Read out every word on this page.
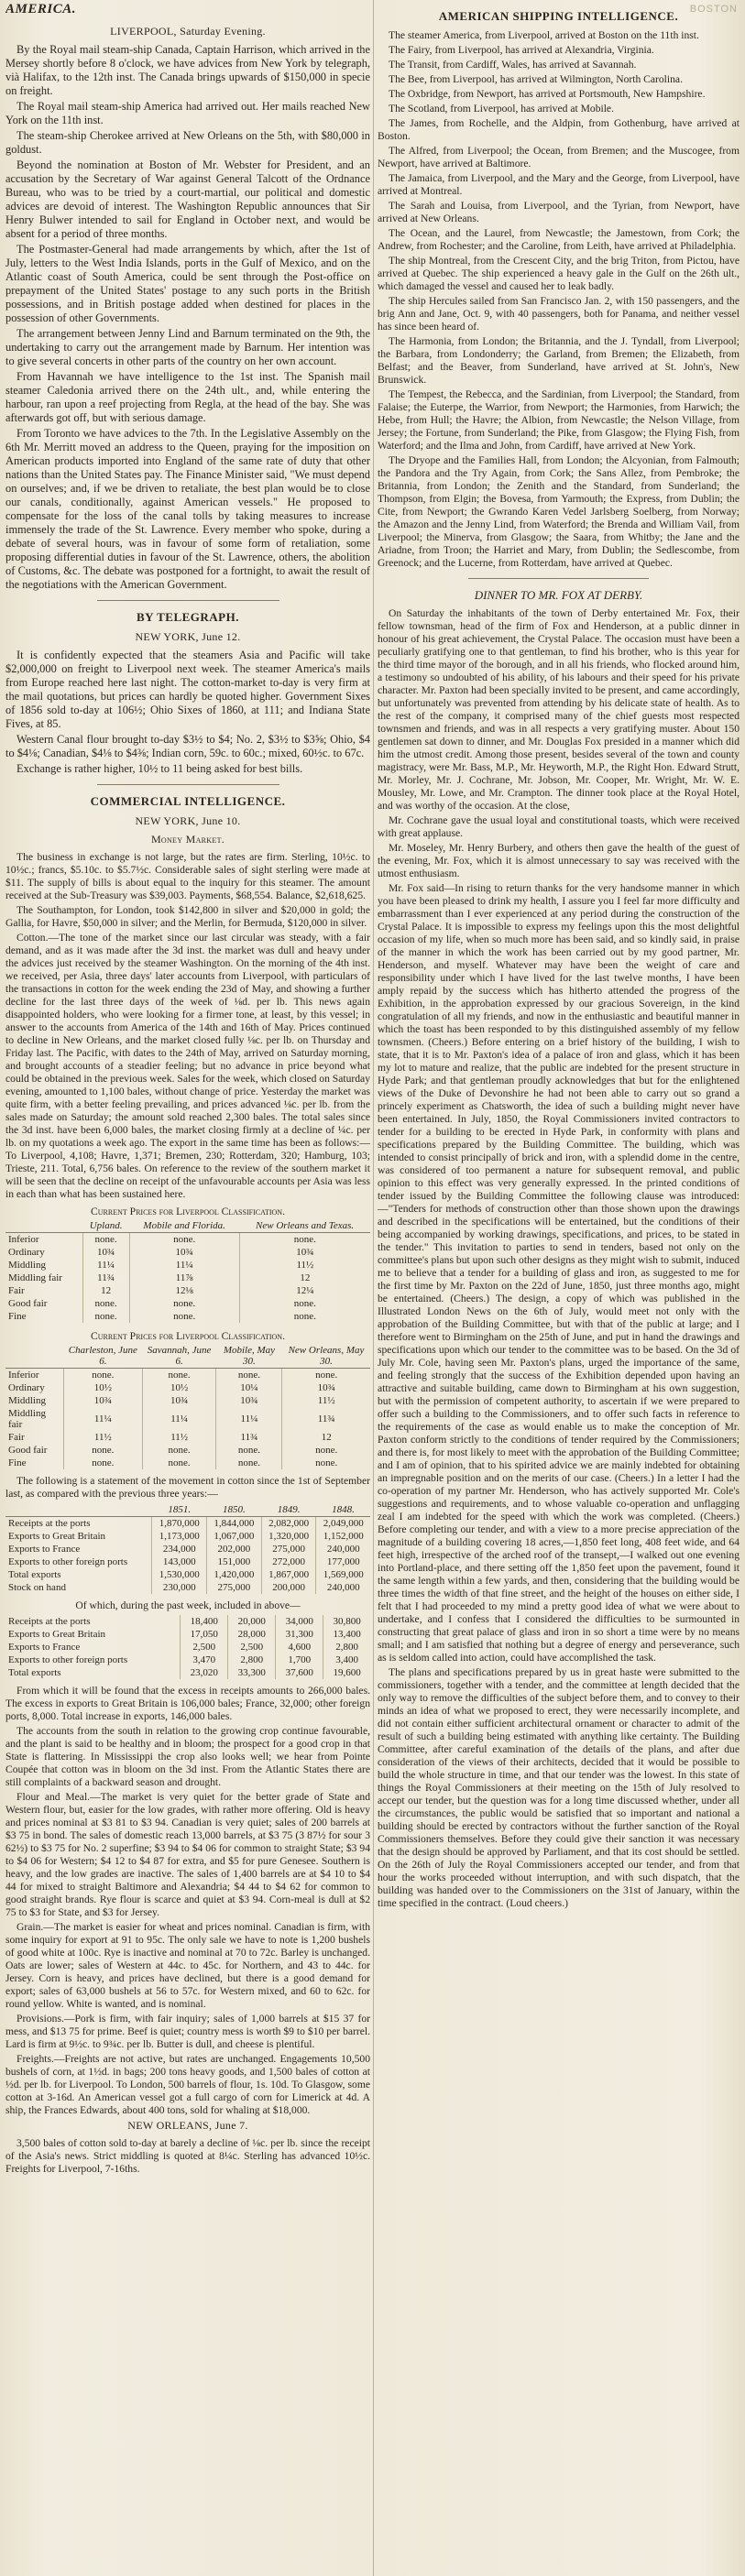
BOSTON
AMERICA.
LIVERPOOL, Saturday Evening.

By the Royal mail steam-ship Canada, Captain Harrison, which arrived in the Mersey shortly before 8 o'clock, we have advices from New York by telegraph, vià Halifax, to the 12th inst. The Canada brings upwards of $150,000 in specie on freight.

The Royal mail steam-ship America had arrived out. Her mails reached New York on the 11th inst.

The steam-ship Cherokee arrived at New Orleans on the 5th, with $80,000 in goldust.

Beyond the nomination at Boston of Mr. Webster for President, and an accusation by the Secretary of War against General Talcott of the Ordnance Bureau, who was to be tried by a court-martial, our political and domestic advices are devoid of interest. The Washington Republic announces that Sir Henry Bulwer intended to sail for England in October next, and would be absent for a period of three months.

The Postmaster-General had made arrangements by which, after the 1st of July, letters to the West India Islands, ports in the Gulf of Mexico, and on the Atlantic coast of South America, could be sent through the Post-office on prepayment of the United States' postage to any such ports in the British possessions, and in British postage added when destined for places in the possession of other Governments.

The arrangement between Jenny Lind and Barnum terminated on the 9th, the undertaking to carry out the arrangement made by Barnum. Her intention was to give several concerts in other parts of the country on her own account.

From Havannah we have intelligence to the 1st inst. The Spanish mail steamer Caledonia arrived there on the 24th ult., and, while entering the harbour, ran upon a reef projecting from Regla, at the head of the bay. She was afterwards got off, but with serious damage.

From Toronto we have advices to the 7th. In the Legislative Assembly on the 6th Mr. Merritt moved an address to the Queen, praying for the imposition on American products imported into England of the same rate of duty that other nations than the United States pay. The Finance Minister said, "We must depend on ourselves; and, if we be driven to retaliate, the best plan would be to close our canals, conditionally, against American vessels." He proposed to compensate for the loss of the canal tolls by taking measures to increase immensely the trade of the St. Lawrence. Every member who spoke, during a debate of several hours, was in favour of some form of retaliation, some proposing differential duties in favour of the St. Lawrence, others, the abolition of Customs, &c. The debate was postponed for a fortnight, to await the result of the negotiations with the American Government.

BY TELEGRAPH.
NEW YORK, June 12.

It is confidently expected that the steamers Asia and Pacific will take $2,000,000 on freight to Liverpool next week. The steamer America's mails from Europe reached here last night. The cotton-market to-day is very firm at the mail quotations, but prices can hardly be quoted higher. Government Sixes of 1856 sold to-day at 106½; Ohio Sixes of 1860, at 111; and Indiana State Fives, at 85.

Western Canal flour brought to-day $3½ to $4; No. 2, $3½ to $3⅝; Ohio, $4 to $4⅛; Canadian, $4⅛ to $4⅜; Indian corn, 59c. to 60c.; mixed, 60½c. to 67c.

Exchange is rather higher, 10½ to 11 being asked for best bills.

COMMERCIAL INTELLIGENCE.
NEW YORK, June 10.
Money Market.

The business in exchange is not large, but the rates are firm. Sterling, 10½c. to 10½c.; francs, $5.10c. to $5.7½c. Considerable sales of sight sterling were made at $11. The supply of bills is about equal to the inquiry for this steamer. The amount received at the Sub-Treasury was $39,003. Payments, $68,554. Balance, $2,618,625.

The Southampton, for London, took $142,800 in silver and $20,000 in gold; the Gallia, for Havre, $50,000 in silver; and the Merlin, for Bermuda, $120,000 in silver.

Cotton.—The tone of the market since our last circular was steady, with a fair demand, and as it was made after the 3d inst. the market was dull and heavy under the advices just received by the steamer Washington. On the morning of the 4th inst. we received, per Asia, three days' later accounts from Liverpool, with particulars of the transactions in cotton for the week ending the 23d of May, and showing a further decline for the last three days of the week of ⅛d. per lb. This news again disappointed holders, who were looking for a firmer tone, at least, by this vessel; in answer to the accounts from America of the 14th and 16th of May. Prices continued to decline in New Orleans, and the market closed fully ⅛c. per lb. on Thursday and Friday last. The Pacific, with dates to the 24th of May, arrived on Saturday morning, and brought accounts of a steadier feeling; but no advance in price beyond what could be obtained in the previous week. Sales for the week, which closed on Saturday evening, amounted to 1,100 bales, without change of price. Yesterday the market was quite firm, with a better feeling prevailing, and prices advanced ⅛c. per lb. from the sales made on Saturday; the amount sold reached 2,300 bales. The total sales since the 3d inst. have been 6,000 bales, the market closing firmly at a decline of ¼c. per lb. on my quotations a week ago. The export in the same time has been as follows:—To Liverpool, 4,108; Havre, 1,371; Bremen, 230; Rotterdam, 320; Hamburg, 103; Trieste, 211. Total, 6,756 bales. On reference to the review of the southern market it will be seen that the decline on receipt of the unfavourable accounts per Asia was less in each than what has been sustained here.

Current Prices for Liverpool Classification.
	Upland.	Mobile and Florida.	New Orleans and Texas.
Inferior	none.	none.	none.
Ordinary	10¾	10¾	10¾
Middling	11¼	11¼	11½
Middling fair	11¾	11⅞	12
Fair	12	12⅛	12¼
Good fair	none.	none.	none.
Fine	none.	none.	none.
Current Prices for Liverpool Classification.
	Charleston, June 6.	Savannah, June 6.	Mobile, May 30.	New Orleans, May 30.
Inferior	none.	none.	none.	none.
Ordinary	10½	10½	10¼	10¾
Middling	10¾	10¾	10¾	11½
Middling fair	11¼	11¼	11¼	11¾
Fair	11½	11½	11¾	12
Good fair	none.	none.	none.	none.
Fine	none.	none.	none.	none.

The following is a statement of the movement in cotton since the 1st of September last, as compared with the previous three years:—

	1851.	1850.	1849.	1848.
Receipts at the ports	1,870,000	1,844,000	2,082,000	2,049,000
Exports to Great Britain	1,173,000	1,067,000	1,320,000	1,152,000
Exports to France	234,000	202,000	275,000	240,000
Exports to other foreign ports	143,000	151,000	272,000	177,000
Total exports	1,530,000	1,420,000	1,867,000	1,569,000
Stock on hand	230,000	275,000	200,000	240,000

Of which, during the past week, included in above—

Receipts at the ports	18,400	20,000	34,000	30,800
Exports to Great Britain	17,050	28,000	31,300	13,400
Exports to France	2,500	2,500	4,600	2,800
Exports to other foreign ports	3,470	2,800	1,700	3,400
Total exports	23,020	33,300	37,600	19,600

From which it will be found that the excess in receipts amounts to 266,000 bales. The excess in exports to Great Britain is 106,000 bales; France, 32,000; other foreign ports, 8,000. Total increase in exports, 146,000 bales.

The accounts from the south in relation to the growing crop continue favourable, and the plant is said to be healthy and in bloom; the prospect for a good crop in that State is flattering. In Mississippi the crop also looks well; we hear from Pointe Coupée that cotton was in bloom on the 3d inst. From the Atlantic States there are still complaints of a backward season and drought.

Flour and Meal.—The market is very quiet for the better grade of State and Western flour, but, easier for the low grades, with rather more offering. Old is heavy and prices nominal at $3 81 to $3 94. Canadian is very quiet; sales of 200 barrels at $3 75 in bond. The sales of domestic reach 13,000 barrels, at $3 75 (3 87½ for sour 3 62½) to $3 75 for No. 2 superfine; $3 94 to $4 06 for common to straight State; $3 94 to $4 06 for Western; $4 12 to $4 87 for extra, and $5 for pure Genesee. Southern is heavy, and the low grades are inactive. The sales of 1,400 barrels are at $4 10 to $4 44 for mixed to straight Baltimore and Alexandria; $4 44 to $4 62 for common to good straight brands. Rye flour is scarce and quiet at $3 94. Corn-meal is dull at $2 75 to $3 for State, and $3 for Jersey.

Grain.—The market is easier for wheat and prices nominal. Canadian is firm, with some inquiry for export at 91 to 95c. The only sale we have to note is 1,200 bushels of good white at 100c. Rye is inactive and nominal at 70 to 72c. Barley is unchanged. Oats are lower; sales of Western at 44c. to 45c. for Northern, and 43 to 44c. for Jersey. Corn is heavy, and prices have declined, but there is a good demand for export; sales of 63,000 bushels at 56 to 57c. for Western mixed, and 60 to 62c. for round yellow. White is wanted, and is nominal.

Provisions.—Pork is firm, with fair inquiry; sales of 1,000 barrels at $15 37 for mess, and $13 75 for prime. Beef is quiet; country mess is worth $9 to $10 per barrel. Lard is firm at 9½c. to 9¾c. per lb. Butter is dull, and cheese is plentiful.

Freights.—Freights are not active, but rates are unchanged. Engagements 10,500 bushels of corn, at 1½d. in bags; 200 tons heavy goods, and 1,500 bales of cotton at ½d. per lb. for Liverpool. To London, 500 barrels of flour, 1s. 10d. To Glasgow, some cotton at 3-16d. An American vessel got a full cargo of corn for Limerick at 4d. A ship, the Frances Edwards, about 400 tons, sold for whaling at $18,000.

NEW ORLEANS, June 7.

3,500 bales of cotton sold to-day at barely a decline of ⅛c. per lb. since the receipt of the Asia's news. Strict middling is quoted at 8¼c. Sterling has advanced 10½c. Freights for Liverpool, 7-16ths.

AMERICAN SHIPPING INTELLIGENCE.

The steamer America, from Liverpool, arrived at Boston on the 11th inst.

The Fairy, from Liverpool, has arrived at Alexandria, Virginia.

The Transit, from Cardiff, Wales, has arrived at Savannah.

The Bee, from Liverpool, has arrived at Wilmington, North Carolina.

The Oxbridge, from Newport, has arrived at Portsmouth, New Hampshire.

The Scotland, from Liverpool, has arrived at Mobile.

The James, from Rochelle, and the Aldpin, from Gothenburg, have arrived at Boston.

The Alfred, from Liverpool; the Ocean, from Bremen; and the Muscogee, from Newport, have arrived at Baltimore.

The Jamaica, from Liverpool, and the Mary and the George, from Liverpool, have arrived at Montreal.

The Sarah and Louisa, from Liverpool, and the Tyrian, from Newport, have arrived at New Orleans.

The Ocean, and the Laurel, from Newcastle; the Jamestown, from Cork; the Andrew, from Rochester; and the Caroline, from Leith, have arrived at Philadelphia.

The ship Montreal, from the Crescent City, and the brig Triton, from Pictou, have arrived at Quebec. The ship experienced a heavy gale in the Gulf on the 26th ult., which damaged the vessel and caused her to leak badly.

The ship Hercules sailed from San Francisco Jan. 2, with 150 passengers, and the brig Ann and Jane, Oct. 9, with 40 passengers, both for Panama, and neither vessel has since been heard of.

The Harmonia, from London; the Britannia, and the J. Tyndall, from Liverpool; the Barbara, from Londonderry; the Garland, from Bremen; the Elizabeth, from Belfast; and the Beaver, from Sunderland, have arrived at St. John's, New Brunswick.

The Tempest, the Rebecca, and the Sardinian, from Liverpool; the Standard, from Falaise; the Euterpe, the Warrior, from Newport; the Harmonies, from Harwich; the Hebe, from Hull; the Havre; the Albion, from Newcastle; the Nelson Village, from Jersey; the Fortune, from Sunderland; the Pike, from Glasgow; the Flying Fish, from Waterford; and the Ilma and John, from Cardiff, have arrived at New York.

The Dryope and the Families Hall, from London; the Alcyonian, from Falmouth; the Pandora and the Try Again, from Cork; the Sans Allez, from Pembroke; the Britannia, from London; the Zenith and the Standard, from Sunderland; the Thompson, from Elgin; the Bovesa, from Yarmouth; the Express, from Dublin; the Cite, from Newport; the Gwrando Karen Vedel Jarlsberg Soelberg, from Norway; the Amazon and the Jenny Lind, from Waterford; the Brenda and William Vail, from Liverpool; the Minerva, from Glasgow; the Saara, from Whitby; the Jane and the Ariadne, from Troon; the Harriet and Mary, from Dublin; the Sedlescombe, from Greenock; and the Lucerne, from Rotterdam, have arrived at Quebec.

DINNER TO MR. FOX AT DERBY.

On Saturday the inhabitants of the town of Derby entertained Mr. Fox, their fellow townsman, head of the firm of Fox and Henderson, at a public dinner in honour of his great achievement, the Crystal Palace. The occasion must have been a peculiarly gratifying one to that gentleman, to find his brother, who is this year for the third time mayor of the borough, and in all his friends, who flocked around him, a testimony so undoubted of his ability, of his labours and their speed for his private character. Mr. Paxton had been specially invited to be present, and came accordingly, but unfortunately was prevented from attending by his delicate state of health. As to the rest of the company, it comprised many of the chief guests most respected townsmen and friends, and was in all respects a very gratifying muster. About 150 gentlemen sat down to dinner, and Mr. Douglas Fox presided in a manner which did him the utmost credit. Among those present, besides several of the town and county magistracy, were Mr. Bass, M.P., Mr. Heyworth, M.P., the Right Hon. Edward Strutt, Mr. Morley, Mr. J. Cochrane, Mr. Jobson, Mr. Cooper, Mr. Wright, Mr. W. E. Mousley, Mr. Lowe, and Mr. Crampton. The dinner took place at the Royal Hotel, and was worthy of the occasion. At the close,

Mr. Cochrane gave the usual loyal and constitutional toasts, which were received with great applause.

Mr. Moseley, Mr. Henry Burbery, and others then gave the health of the guest of the evening, Mr. Fox, which it is almost unnecessary to say was received with the utmost enthusiasm.

Mr. Fox said—In rising to return thanks for the very handsome manner in which you have been pleased to drink my health, I assure you I feel far more difficulty and embarrassment than I ever experienced at any period during the construction of the Crystal Palace. It is impossible to express my feelings upon this the most delightful occasion of my life, when so much more has been said, and so kindly said, in praise of the manner in which the work has been carried out by my good partner, Mr. Henderson, and myself. Whatever may have been the weight of care and responsibility under which I have lived for the last twelve months, I have been amply repaid by the success which has hitherto attended the progress of the Exhibition, in the approbation expressed by our gracious Sovereign, in the kind congratulation of all my friends, and now in the enthusiastic and beautiful manner in which the toast has been responded to by this distinguished assembly of my fellow townsmen. (Cheers.) Before entering on a brief history of the building, I wish to state, that it is to Mr. Paxton's idea of a palace of iron and glass, which it has been my lot to mature and realize, that the public are indebted for the present structure in Hyde Park; and that gentleman proudly acknowledges that but for the enlightened views of the Duke of Devonshire he had not been able to carry out so grand a princely experiment as Chatsworth, the idea of such a building might never have been entertained. In July, 1850, the Royal Commissioners invited contractors to tender for a building to be erected in Hyde Park, in conformity with plans and specifications prepared by the Building Committee. The building, which was intended to consist principally of brick and iron, with a splendid dome in the centre, was considered of too permanent a nature for subsequent removal, and public opinion to this effect was very generally expressed. In the printed conditions of tender issued by the Building Committee the following clause was introduced:—"Tenders for methods of construction other than those shown upon the drawings and described in the specifications will be entertained, but the conditions of their being accompanied by working drawings, specifications, and prices, to be stated in the tender." This invitation to parties to send in tenders, based not only on the committee's plans but upon such other designs as they might wish to submit, induced me to believe that a tender for a building of glass and iron, as suggested to me for the first time by Mr. Paxton on the 22d of June, 1850, just three months ago, might be entertained. (Cheers.) The design, a copy of which was published in the Illustrated London News on the 6th of July, would meet not only with the approbation of the Building Committee, but with that of the public at large; and I therefore went to Birmingham on the 25th of June, and put in hand the drawings and specifications upon which our tender to the committee was to be based. On the 3d of July Mr. Cole, having seen Mr. Paxton's plans, urged the importance of the same, and feeling strongly that the success of the Exhibition depended upon having an attractive and suitable building, came down to Birmingham at his own suggestion, but with the permission of competent authority, to ascertain if we were prepared to offer such a building to the Commissioners, and to offer such facts in reference to the requirements of the case as would enable us to make the conception of Mr. Paxton conform strictly to the conditions of tender required by the Commissioners; and there is, for most likely to meet with the approbation of the Building Committee; and I am of opinion, that to his spirited advice we are mainly indebted for obtaining an impregnable position and on the merits of our case. (Cheers.) In a letter I had the co-operation of my partner Mr. Henderson, who has actively supported Mr. Cole's suggestions and requirements, and to whose valuable co-operation and unflagging zeal I am indebted for the speed with which the work was completed. (Cheers.) Before completing our tender, and with a view to a more precise appreciation of the magnitude of a building covering 18 acres,—1,850 feet long, 408 feet wide, and 64 feet high, irrespective of the arched roof of the transept,—I walked out one evening into Portland-place, and there setting off the 1,850 feet upon the pavement, found it the same length within a few yards, and then, considering that the building would be three times the width of that fine street, and the height of the houses on either side, I felt that I had proceeded to my mind a pretty good idea of what we were about to undertake, and I confess that I considered the difficulties to be surmounted in constructing that great palace of glass and iron in so short a time were by no means small; and I am satisfied that nothing but a degree of energy and perseverance, such as is seldom called into action, could have accomplished the task.

The plans and specifications prepared by us in great haste were submitted to the commissioners, together with a tender, and the committee at length decided that the only way to remove the difficulties of the subject before them, and to convey to their minds an idea of what we proposed to erect, they were necessarily incomplete, and did not contain either sufficient architectural ornament or character to admit of the result of such a building being estimated with anything like certainty. The Building Committee, after careful examination of the details of the plans, and after due consideration of the views of their architects, decided that it would be possible to build the whole structure in time, and that our tender was the lowest. In this state of things the Royal Commissioners at their meeting on the 15th of July resolved to accept our tender, but the question was for a long time discussed whether, under all the circumstances, the public would be satisfied that so important and national a building should be erected by contractors without the further sanction of the Royal Commissioners themselves. Before they could give their sanction it was necessary that the design should be approved by Parliament, and that its cost should be settled. On the 26th of July the Royal Commissioners accepted our tender, and from that hour the works proceeded without interruption, and with such dispatch, that the building was handed over to the Commissioners on the 31st of January, within the time specified in the contract. (Loud cheers.)
